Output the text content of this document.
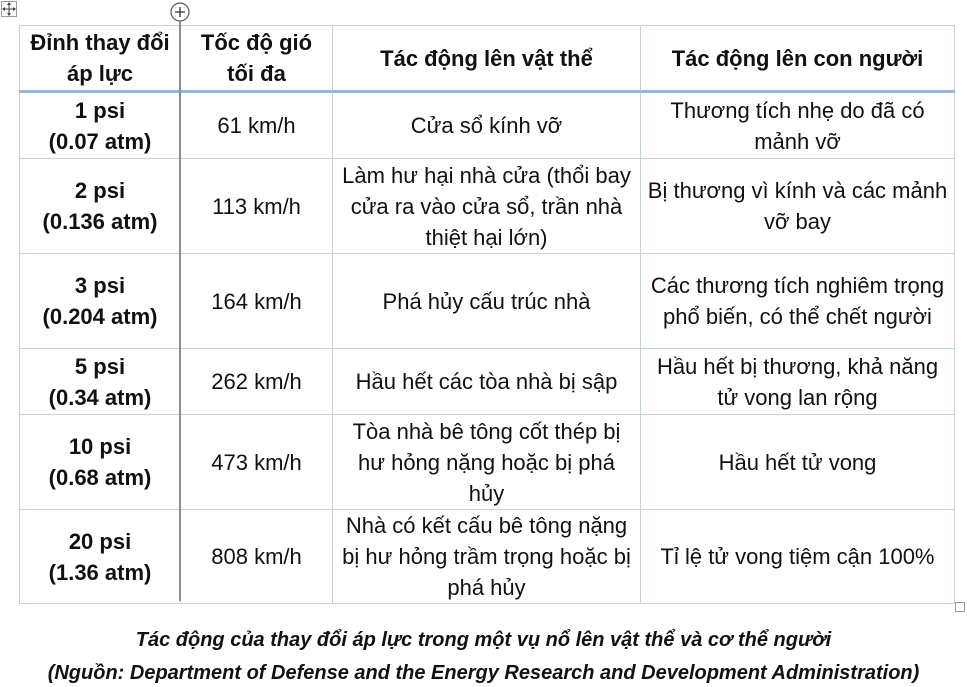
Đỉnh thay đổi áp lực	Tốc độ gió tối đa	Tác động lên vật thể	Tác động lên con người

1 psi
(0.07 atm)	61 km/h	Cửa sổ kính vỡ	Thương tích nhẹ do đã có mảnh vỡ

2 psi
(0.136 atm)	113 km/h	Làm hư hại nhà cửa (thổi bay cửa ra vào cửa sổ, trần nhà thiệt hại lớn)	Bị thương vì kính và các mảnh vỡ bay

3 psi
(0.204 atm)	164 km/h	Phá hủy cấu trúc nhà	Các thương tích nghiêm trọng phổ biến, có thể chết người

5 psi
(0.34 atm)	262 km/h	Hầu hết các tòa nhà bị sập	Hầu hết bị thương, khả năng tử vong lan rộng

10 psi
(0.68 atm)	473 km/h	Tòa nhà bê tông cốt thép bị hư hỏng nặng hoặc bị phá hủy	Hầu hết tử vong

20 psi
(1.36 atm)	808 km/h	Nhà có kết cấu bê tông nặng bị hư hỏng trầm trọng hoặc bị phá hủy	Tỉ lệ tử vong tiệm cận 100%
Tác động của thay đổi áp lực trong một vụ nổ lên vật thể và cơ thể người
(Nguồn: Department of Defense and the Energy Research and Development Administration)
